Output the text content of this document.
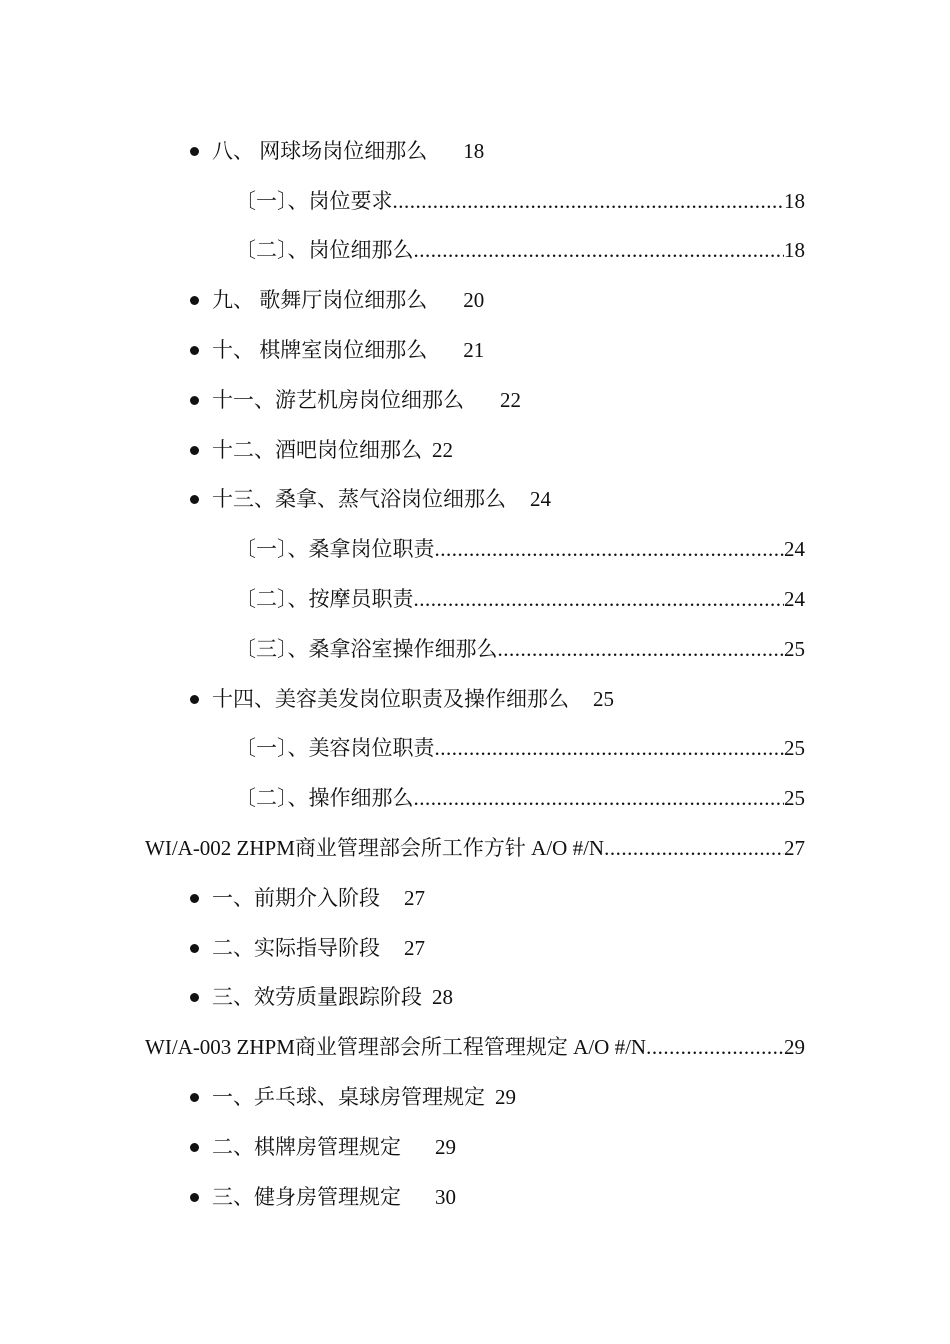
八、 网球场岗位细那么 18
〔一〕、岗位要求 .....	18
〔二〕、岗位细那么 .....	18
九、 歌舞厅岗位细那么 20
十、 棋牌室岗位细那么 21
十一、游艺机房岗位细那么 22
十二、酒吧岗位细那么 22
十三、桑拿、蒸气浴岗位细那么 24
〔一〕、桑拿岗位职责 .....	24
〔二〕、按摩员职责 .....	24
〔三〕、桑拿浴室操作细那么 .....	25
十四、美容美发岗位职责及操作细那么 25
〔一〕、美容岗位职责 .....	25
〔二〕、操作细那么 .....	25
WI/A-002 ZHPM商业管理部会所工作方针 A/O #/N .....	27
一、前期介入阶段 27
二、实际指导阶段 27
三、效劳质量跟踪阶段 28
WI/A-003 ZHPM商业管理部会所工程管理规定 A/O #/N .....	29
一、乒乓球、桌球房管理规定 29
二、棋牌房管理规定 29
三、健身房管理规定 30
